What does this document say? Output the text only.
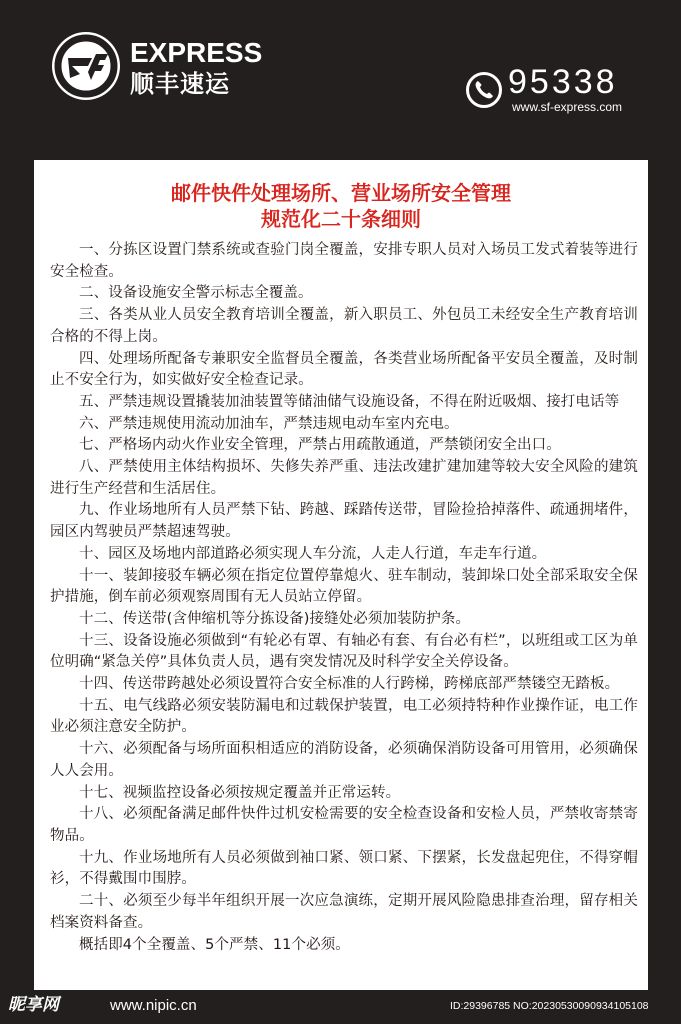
EXPRESS
顺丰速运	95338
www.sf-express.com
邮件快件处理场所、营业场所安全管理
规范化二十条细则

一、分拣区设置门禁系统或查验门岗全覆盖，安排专职人员对入场员工发式着装等进行安全检查。

二、设备设施安全警示标志全覆盖。

三、各类从业人员安全教育培训全覆盖，新入职员工、外包员工未经安全生产教育培训合格的不得上岗。

四、处理场所配备专兼职安全监督员全覆盖，各类营业场所配备平安员全覆盖，及时制止不安全行为，如实做好安全检查记录。

五、严禁违规设置撬装加油装置等储油储气设施设备，不得在附近吸烟、接打电话等

六、严禁违规使用流动加油车，严禁违规电动车室内充电。

七、严格场内动火作业安全管理，严禁占用疏散通道，严禁锁闭安全出口。

八、严禁使用主体结构损坏、失修失养严重、违法改建扩建加建等较大安全风险的建筑进行生产经营和生活居住。

九、作业场地所有人员严禁下钻、跨越、踩踏传送带，冒险捡拾掉落件、疏通拥堵件，园区内驾驶员严禁超速驾驶。

十、园区及场地内部道路必须实现人车分流，人走人行道，车走车行道。

十一、装卸接驳车辆必须在指定位置停靠熄火、驻车制动，装卸垛口处全部采取安全保护措施，倒车前必须观察周围有无人员站立停留。

十二、传送带(含伸缩机等分拣设备)接缝处必须加装防护条。

十三、设备设施必须做到“有轮必有罩、有轴必有套、有台必有栏”，以班组或工区为单位明确“紧急关停”具体负责人员，遇有突发情况及时科学安全关停设备。

十四、传送带跨越处必须设置符合安全标准的人行跨梯，跨梯底部严禁镂空无踏板。

十五、电气线路必须安装防漏电和过载保护装置，电工必须持特种作业操作证，电工作业必须注意安全防护。

十六、必须配备与场所面积相适应的消防设备，必须确保消防设备可用管用，必须确保人人会用。

十七、视频监控设备必须按规定覆盖并正常运转。

十八、必须配备满足邮件快件过机安检需要的安全检查设备和安检人员，严禁收寄禁寄物品。

十九、作业场地所有人员必须做到袖口紧、领口紧、下摆紧，长发盘起兜住，不得穿帽衫，不得戴围巾围脖。

二十、必须至少每半年组织开展一次应急演练，定期开展风险隐患排查治理，留存相关档案资料备查。

概括即4个全覆盖、5个严禁、11个必须。

昵享网	www.nipic.cn	ID:29396785 NO:20230530090934105108
